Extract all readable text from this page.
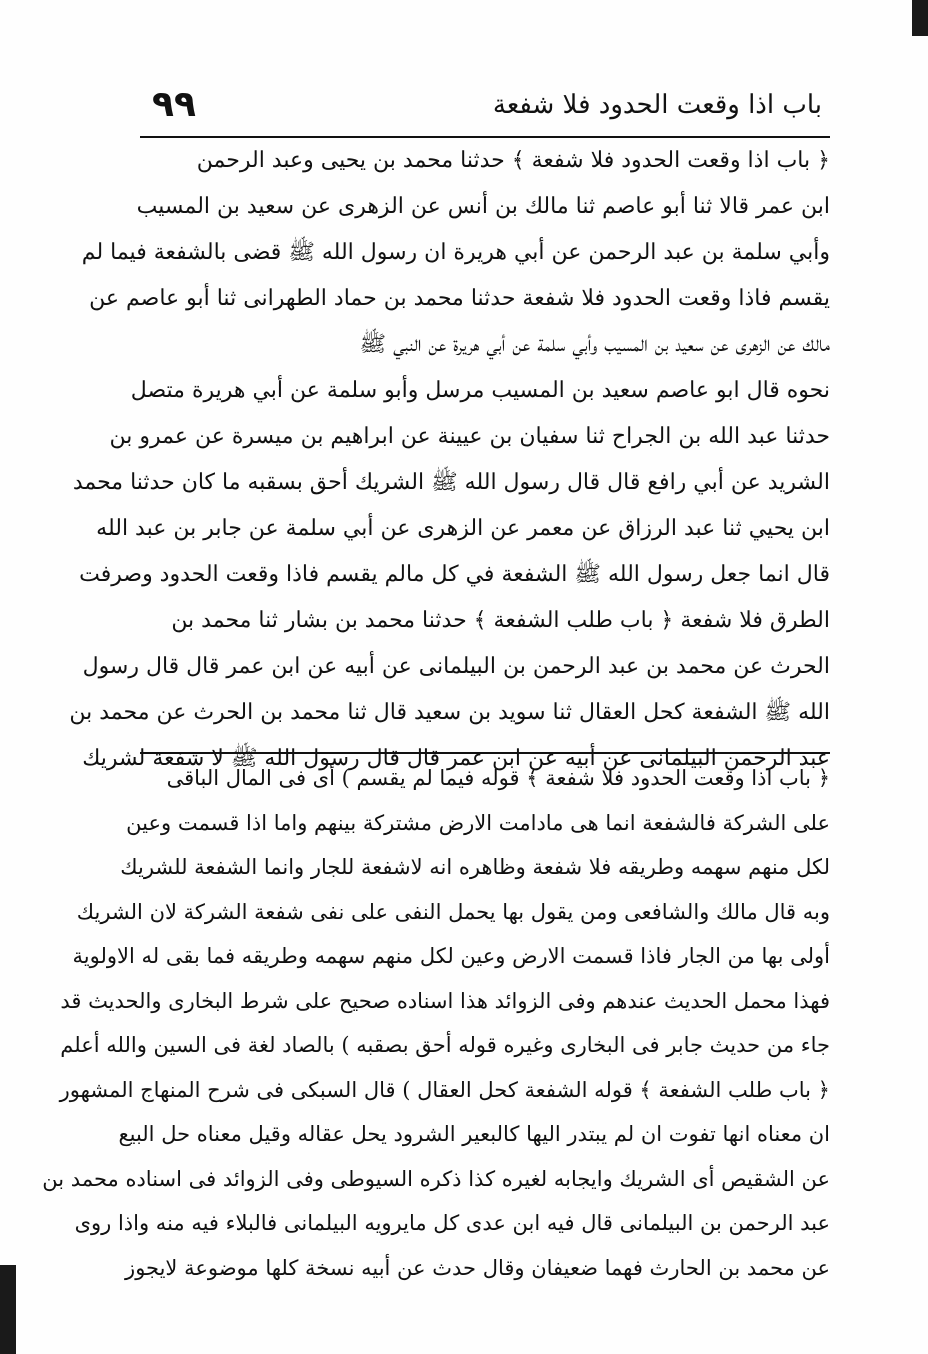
٩٩	باب اذا وقعت الحدود فلا شفعة
﴿ باب اذا وقعت الحدود فلا شفعة ﴾ حدثنا محمد بن يحيى وعبد الرحمن
ابن عمر قالا ثنا أبو عاصم ثنا مالك بن أنس عن الزهرى عن سعيد بن المسيب
وأبي سلمة بن عبد الرحمن عن أبي هريرة ان رسول الله ﷺ قضى بالشفعة فيما لم
يقسم فاذا وقعت الحدود فلا شفعة حدثنا محمد بن حماد الطهرانى ثنا أبو عاصم عن
مالك عن الزهرى عن سعيد بن المسيب وأبي سلمة عن أبي هريرة عن النبي ﷺ
نحوه قال ابو عاصم سعيد بن المسيب مرسل وأبو سلمة عن أبي هريرة متصل
حدثنا عبد الله بن الجراح ثنا سفيان بن عيينة عن ابراهيم بن ميسرة عن عمرو بن
الشريد عن أبي رافع قال قال رسول الله ﷺ الشريك أحق بسقبه ما كان حدثنا محمد
ابن يحيي ثنا عبد الرزاق عن معمر عن الزهرى عن أبي سلمة عن جابر بن عبد الله
قال انما جعل رسول الله ﷺ الشفعة في كل مالم يقسم فاذا وقعت الحدود وصرفت
الطرق فلا شفعة ﴿ باب طلب الشفعة ﴾ حدثنا محمد بن بشار ثنا محمد بن
الحرث عن محمد بن عبد الرحمن بن البيلمانى عن أبيه عن ابن عمر قال قال رسول
الله ﷺ الشفعة كحل العقال ثنا سويد بن سعيد قال ثنا محمد بن الحرث عن محمد بن
عبد الرحمن البيلمانى عن أبيه عن ابن عمر قال قال رسول الله ﷺ لا شفعة لشريك
﴿ باب اذا وقعت الحدود فلا شفعة ﴾ قوله فيما لم يقسم ) أى فى المال الباقى
على الشركة فالشفعة انما هى مادامت الارض مشتركة بينهم واما اذا قسمت وعين
لكل منهم سهمه وطريقه فلا شفعة وظاهره انه لاشفعة للجار وانما الشفعة للشريك
وبه قال مالك والشافعى ومن يقول بها يحمل النفى على نفى شفعة الشركة لان الشريك
أولى بها من الجار فاذا قسمت الارض وعين لكل منهم سهمه وطريقه فما بقى له الاولوية
فهذا محمل الحديث عندهم وفى الزوائد هذا اسناده صحيح على شرط البخارى والحديث قد
جاء من حديث جابر فى البخارى وغيره قوله أحق بصقبه ) بالصاد لغة فى السين والله أعلم
﴿ باب طلب الشفعة ﴾ قوله الشفعة كحل العقال ) قال السبكى فى شرح المنهاج المشهور
ان معناه انها تفوت ان لم يبتدر اليها كالبعير الشرود يحل عقاله وقيل معناه حل البيع
عن الشقيص أى الشريك وايجابه لغيره كذا ذكره السيوطى وفى الزوائد فى اسناده محمد بن
عبد الرحمن بن البيلمانى قال فيه ابن عدى كل مايرويه البيلمانى فالبلاء فيه منه واذا روى
عن محمد بن الحارث فهما ضعيفان وقال حدث عن أبيه نسخة كلها موضوعة لايجوز
